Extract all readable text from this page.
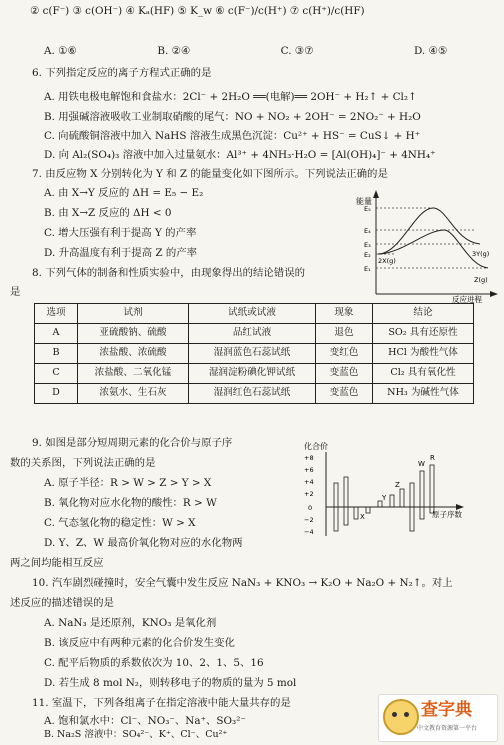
② c(F⁻) ③ c(OH⁻) ④ Kₐ(HF) ⑤ K_w ⑥ c(F⁻)/c(H⁺) ⑦ c(H⁺)/c(HF)
A. ①⑥	B. ②④	C. ③⑦	D. ④⑤
6. 下列指定反应的离子方程式正确的是
A. 用铁电极电解饱和食盐水：2Cl⁻ + 2H₂O ══(电解)══ 2OH⁻ + H₂↑ + Cl₂↑
B. 用强碱溶液吸收工业制取硝酸的尾气：NO + NO₂ + 2OH⁻ = 2NO₂⁻ + H₂O
C. 向硫酸铜溶液中加入 NaHS 溶液生成黑色沉淀：Cu²⁺ + HS⁻ = CuS↓ + H⁺
D. 向 Al₂(SO₄)₃ 溶液中加入过量氨水：Al³⁺ + 4NH₃·H₂O = [Al(OH)₄]⁻ + 4NH₄⁺
7. 由反应物 X 分别转化为 Y 和 Z 的能量变化如下图所示。下列说法正确的是
A. 由 X→Y 反应的 ΔH = E₅ − E₂
B. 由 X→Z 反应的 ΔH < 0
C. 增大压强有利于提高 Y 的产率
D. 升高温度有利于提高 Z 的产率
能量
反应进程
E₅
E₄
E₃
E₂
E₁
2X(g)
3Y(g)
Z(g)
8. 下列气体的制备和性质实验中，由现象得出的结论错误的
是
选项	试剂	试纸或试液	现象	结论
A	亚硫酸钠、硫酸	品红试液	退色	SO₂ 具有还原性
B	浓盐酸、浓硫酸	湿润蓝色石蕊试纸	变红色	HCl 为酸性气体
C	浓盐酸、二氧化锰	湿润淀粉碘化钾试纸	变蓝色	Cl₂ 具有氧化性
D	浓氨水、生石灰	湿润红色石蕊试纸	变蓝色	NH₃ 为碱性气体
9. 如图是部分短周期元素的化合价与原子序
数的关系图，下列说法正确的是
A. 原子半径：R > W > Z > Y > X
B. 氧化物对应水化物的酸性：R > W
C. 气态氢化物的稳定性：W > X
D. Y、Z、W 最高价氧化物对应的水化物两
两之间均能相互反应
化合价
原子序数
+8
+6
+4
+2
0
−2
−4
X
Y
Z
W
R
10. 汽车剧烈碰撞时，安全气囊中发生反应 NaN₃ + KNO₃ → K₂O + Na₂O + N₂↑。对上
述反应的描述错误的是
A. NaN₃ 是还原剂，KNO₃ 是氧化剂
B. 该反应中有两种元素的化合价发生变化
C. 配平后物质的系数依次为 10、2、1、5、16
D. 若生成 8 mol N₂，则转移电子的物质的量为 5 mol
11. 室温下，下列各组离子在指定溶液中能大量共存的是
A. 饱和氯水中：Cl⁻、NO₃⁻、Na⁺、SO₃²⁻
B. Na₂S 溶液中：SO₄²⁻、K⁺、Cl⁻、Cu²⁺
查字典
中文教育资源第一平台
